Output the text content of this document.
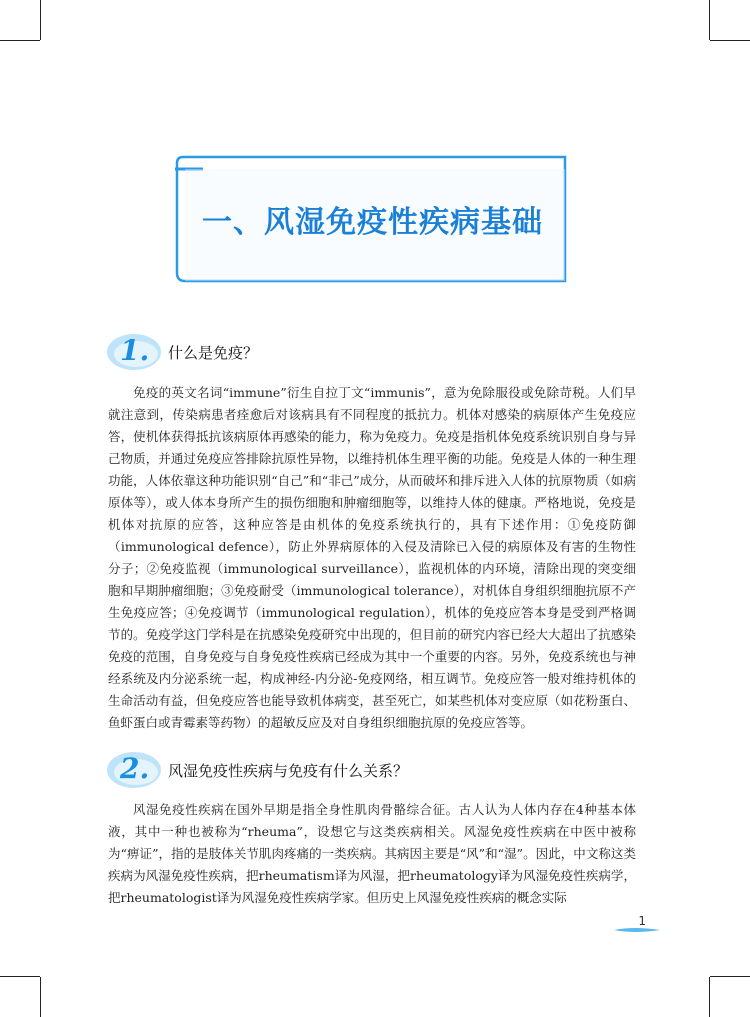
一、风湿免疫性疾病基础
1. 什么是免疫？

免疫的英文名词“immune”衍生自拉丁文“immunis”，意为免除服役或免除苛税。人们早就注意到，传染病患者痊愈后对该病具有不同程度的抵抗力。机体对感染的病原体产生免疫应答，使机体获得抵抗该病原体再感染的能力，称为免疫力。免疫是指机体免疫系统识别自身与异己物质，并通过免疫应答排除抗原性异物，以维持机体生理平衡的功能。免疫是人体的一种生理功能，人体依靠这种功能识别“自己”和“非己”成分，从而破坏和排斥进入人体的抗原物质（如病原体等），或人体本身所产生的损伤细胞和肿瘤细胞等，以维持人体的健康。严格地说，免疫是机体对抗原的应答，这种应答是由机体的免疫系统执行的，具有下述作用：①免疫防御（immunological defence），防止外界病原体的入侵及清除已入侵的病原体及有害的生物性分子；②免疫监视（immunological surveillance），监视机体的内环境，清除出现的突变细胞和早期肿瘤细胞；③免疫耐受（immunological tolerance），对机体自身组织细胞抗原不产生免疫应答；④免疫调节（immunological regulation），机体的免疫应答本身是受到严格调节的。免疫学这门学科是在抗感染免疫研究中出现的，但目前的研究内容已经大大超出了抗感染免疫的范围，自身免疫与自身免疫性疾病已经成为其中一个重要的内容。另外，免疫系统也与神经系统及内分泌系统一起，构成神经-内分泌-免疫网络，相互调节。免疫应答一般对维持机体的生命活动有益，但免疫应答也能导致机体病变，甚至死亡，如某些机体对变应原（如花粉蛋白、鱼虾蛋白或青霉素等药物）的超敏反应及对自身组织细胞抗原的免疫应答等。

2. 风湿免疫性疾病与免疫有什么关系？

风湿免疫性疾病在国外早期是指全身性肌肉骨骼综合征。古人认为人体内存在4种基本体液，其中一种也被称为“rheuma”，设想它与这类疾病相关。风湿免疫性疾病在中医中被称为“痹证”，指的是肢体关节肌肉疼痛的一类疾病。其病因主要是“风”和“湿”。因此，中文称这类疾病为风湿免疫性疾病，把rheumatism译为风湿，把rheumatology译为风湿免疫性疾病学，把rheumatologist译为风湿免疫性疾病学家。但历史上风湿免疫性疾病的概念实际

1
